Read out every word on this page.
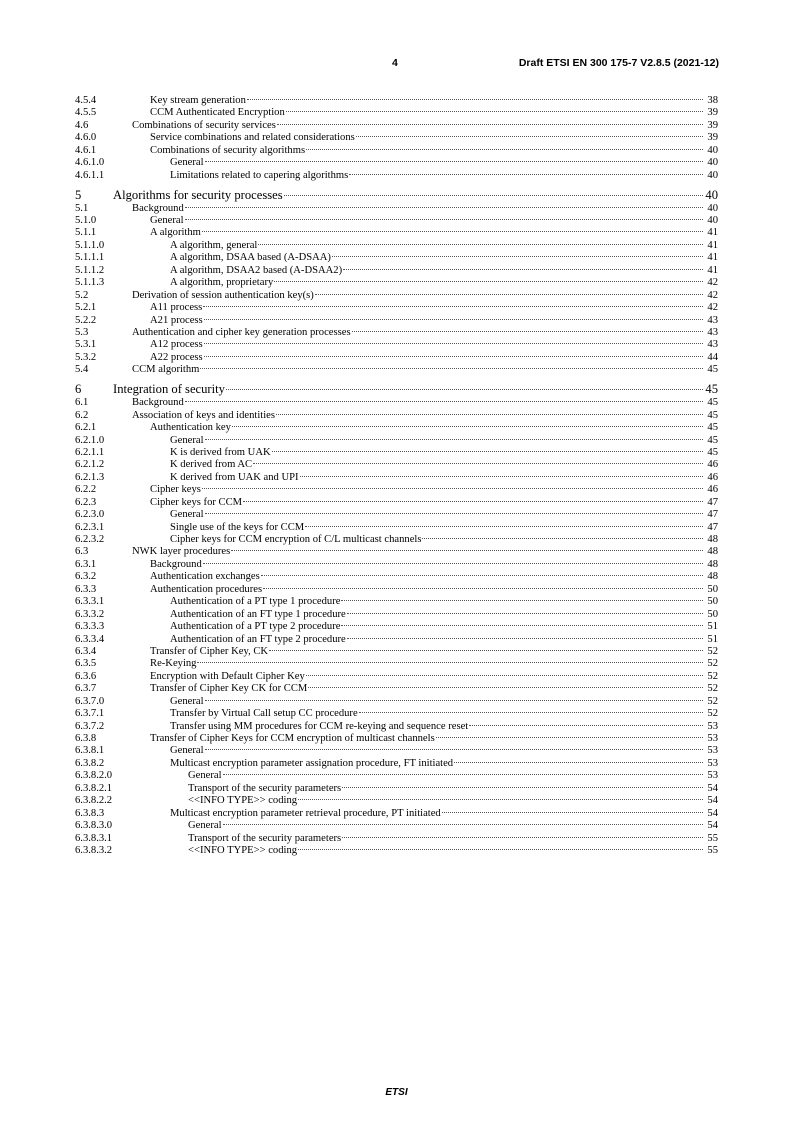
4	Draft ETSI EN 300 175-7 V2.8.5 (2021-12)
4.5.4	Key stream generation	38
4.5.5	CCM Authenticated Encryption	39
4.6	Combinations of security services	39
4.6.0	Service combinations and related considerations	39
4.6.1	Combinations of security algorithms	40
4.6.1.0	General	40
4.6.1.1	Limitations related to capering algorithms	40
5	Algorithms for security processes	40
5.1	Background	40
5.1.0	General	40
5.1.1	A algorithm	41
5.1.1.0	A algorithm, general	41
5.1.1.1	A algorithm, DSAA based (A-DSAA)	41
5.1.1.2	A algorithm, DSAA2 based (A-DSAA2)	41
5.1.1.3	A algorithm, proprietary	42
5.2	Derivation of session authentication key(s)	42
5.2.1	A11 process	42
5.2.2	A21 process	43
5.3	Authentication and cipher key generation processes	43
5.3.1	A12 process	43
5.3.2	A22 process	44
5.4	CCM algorithm	45
6	Integration of security	45
6.1	Background	45
6.2	Association of keys and identities	45
6.2.1	Authentication key	45
6.2.1.0	General	45
6.2.1.1	K is derived from UAK	45
6.2.1.2	K derived from AC	46
6.2.1.3	K derived from UAK and UPI	46
6.2.2	Cipher keys	46
6.2.3	Cipher keys for CCM	47
6.2.3.0	General	47
6.2.3.1	Single use of the keys for CCM	47
6.2.3.2	Cipher keys for CCM encryption of C/L multicast channels	48
6.3	NWK layer procedures	48
6.3.1	Background	48
6.3.2	Authentication exchanges	48
6.3.3	Authentication procedures	50
6.3.3.1	Authentication of a PT type 1 procedure	50
6.3.3.2	Authentication of an FT type 1 procedure	50
6.3.3.3	Authentication of a PT type 2 procedure	51
6.3.3.4	Authentication of an FT type 2 procedure	51
6.3.4	Transfer of Cipher Key, CK	52
6.3.5	Re-Keying	52
6.3.6	Encryption with Default Cipher Key	52
6.3.7	Transfer of Cipher Key CK for CCM	52
6.3.7.0	General	52
6.3.7.1	Transfer by Virtual Call setup CC procedure	52
6.3.7.2	Transfer using MM procedures for CCM re-keying and sequence reset	53
6.3.8	Transfer of Cipher Keys for CCM encryption of multicast channels	53
6.3.8.1	General	53
6.3.8.2	Multicast encryption parameter assignation procedure, FT initiated	53
6.3.8.2.0	General	53
6.3.8.2.1	Transport of the security parameters	54
6.3.8.2.2	<<INFO TYPE>> coding	54
6.3.8.3	Multicast encryption parameter retrieval procedure, PT initiated	54
6.3.8.3.0	General	54
6.3.8.3.1	Transport of the security parameters	55
6.3.8.3.2	<<INFO TYPE>> coding	55
ETSI
